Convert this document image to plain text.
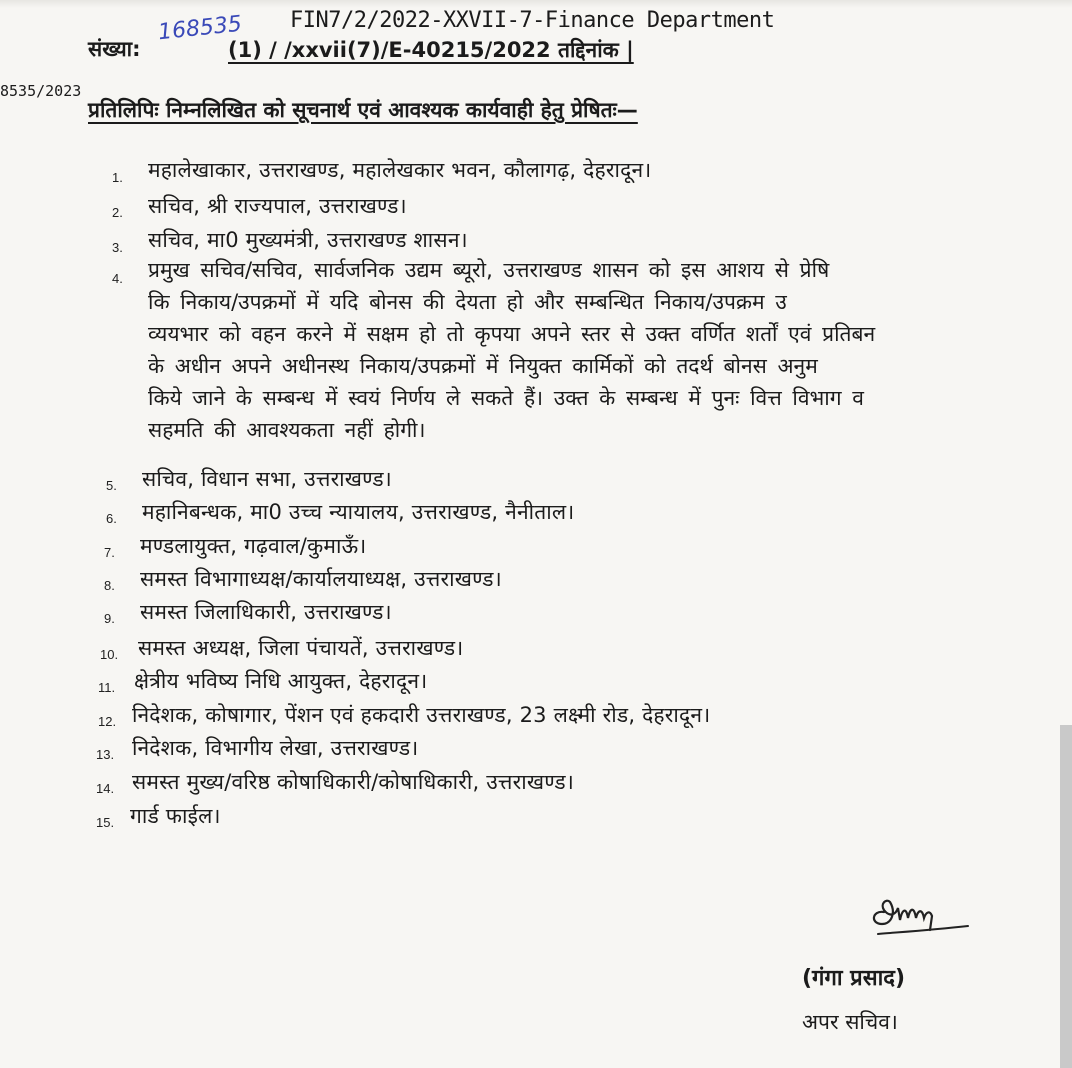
संख्या:
168535 FIN7/2/2022-XXVII-7-Finance Department
(1) / /xxvii(7)/E-40215/2022 तद्दिनांक |
8535/2023
प्रतिलिपिः निम्नलिखित को सूचनार्थ एवं आवश्यक कार्यवाही हेतु प्रेषितः—
1. महालेखाकार, उत्तराखण्ड, महालेखकार भवन, कौलागढ़, देहरादून।
2. सचिव, श्री राज्यपाल, उत्तराखण्ड।
3. सचिव, मा0 मुख्यमंत्री, उत्तराखण्ड शासन।
4. प्रमुख सचिव/सचिव, सार्वजनिक उद्यम ब्यूरो, उत्तराखण्ड शासन को इस आशय से प्रेषि
कि निकाय/उपक्रमों में यदि बोनस की देयता हो और सम्बन्धित निकाय/उपक्रम उ
व्ययभार को वहन करने में सक्षम हो तो कृपया अपने स्तर से उक्त वर्णित शर्तों एवं प्रतिबन
के अधीन अपने अधीनस्थ निकाय/उपक्रमों में नियुक्त कार्मिकों को तदर्थ बोनस अनुम
किये जाने के सम्बन्ध में स्वयं निर्णय ले सकते हैं। उक्त के सम्बन्ध में पुनः वित्त विभाग व
सहमति की आवश्यकता नहीं होगी।
5. सचिव, विधान सभा, उत्तराखण्ड।
6. महानिबन्धक, मा0 उच्च न्यायालय, उत्तराखण्ड, नैनीताल।
7. मण्डलायुक्त, गढ़वाल/कुमाऊँ।
8. समस्त विभागाध्यक्ष/कार्यालयाध्यक्ष, उत्तराखण्ड।
9. समस्त जिलाधिकारी, उत्तराखण्ड।
10. समस्त अध्यक्ष, जिला पंचायतें, उत्तराखण्ड।
11. क्षेत्रीय भविष्य निधि आयुक्त, देहरादून।
12. निदेशक, कोषागार, पेंशन एवं हकदारी उत्तराखण्ड, 23 लक्ष्मी रोड, देहरादून।
13. निदेशक, विभागीय लेखा, उत्तराखण्ड।
14. समस्त मुख्य/वरिष्ठ कोषाधिकारी/कोषाधिकारी, उत्तराखण्ड।
15. गार्ड फाईल।
(गंगा प्रसाद)
अपर सचिव।
